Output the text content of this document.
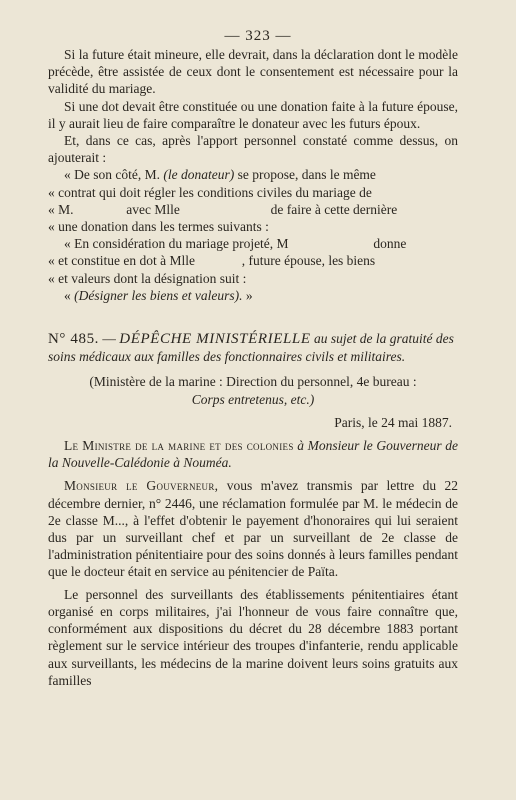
— 323 —

Si la future était mineure, elle devrait, dans la déclaration dont le modèle précède, être assistée de ceux dont le consentement est nécessaire pour la validité du mariage.

Si une dot devait être constituée ou une donation faite à la future épouse, il y aurait lieu de faire comparaître le donateur avec les futurs époux.

Et, dans ce cas, après l'apport personnel constaté comme dessus, on ajouterait :

« De son côté, M. (le donateur) se propose, dans le même

« contrat qui doit régler les conditions civiles du mariage de

« M.	avec Mlle	de faire à cette dernière

« une donation dans les termes suivants :

« En considération du mariage projeté, M	donne

« et constitue en dot à Mlle	, future épouse, les biens

« et valeurs dont la désignation suit :

« (Désigner les biens et valeurs). »

N° 485. — DÉPÊCHE MINISTÉRIELLE au sujet de la gratuité des soins médicaux aux familles des fonctionnaires civils et militaires.

(Ministère de la marine : Direction du personnel, 4e bureau :

Corps entretenus, etc.)

Paris, le 24 mai 1887.

Le Ministre de la marine et des colonies à Monsieur le Gouverneur de la Nouvelle-Calédonie à Nouméa.

Monsieur le Gouverneur, vous m'avez transmis par lettre du 22 décembre dernier, n° 2446, une réclamation formulée par M. le médecin de 2e classe M..., à l'effet d'obtenir le payement d'honoraires qui lui seraient dus par un surveillant chef et par un surveillant de 2e classe de l'administration pénitentiaire pour des soins donnés à leurs familles pendant que le docteur était en service au pénitencier de Païta.

Le personnel des surveillants des établissements pénitentiaires étant organisé en corps militaires, j'ai l'honneur de vous faire connaître que, conformément aux dispositions du décret du 28 décembre 1883 portant règlement sur le service intérieur des troupes d'infanterie, rendu applicable aux surveillants, les médecins de la marine doivent leurs soins gratuits aux familles
